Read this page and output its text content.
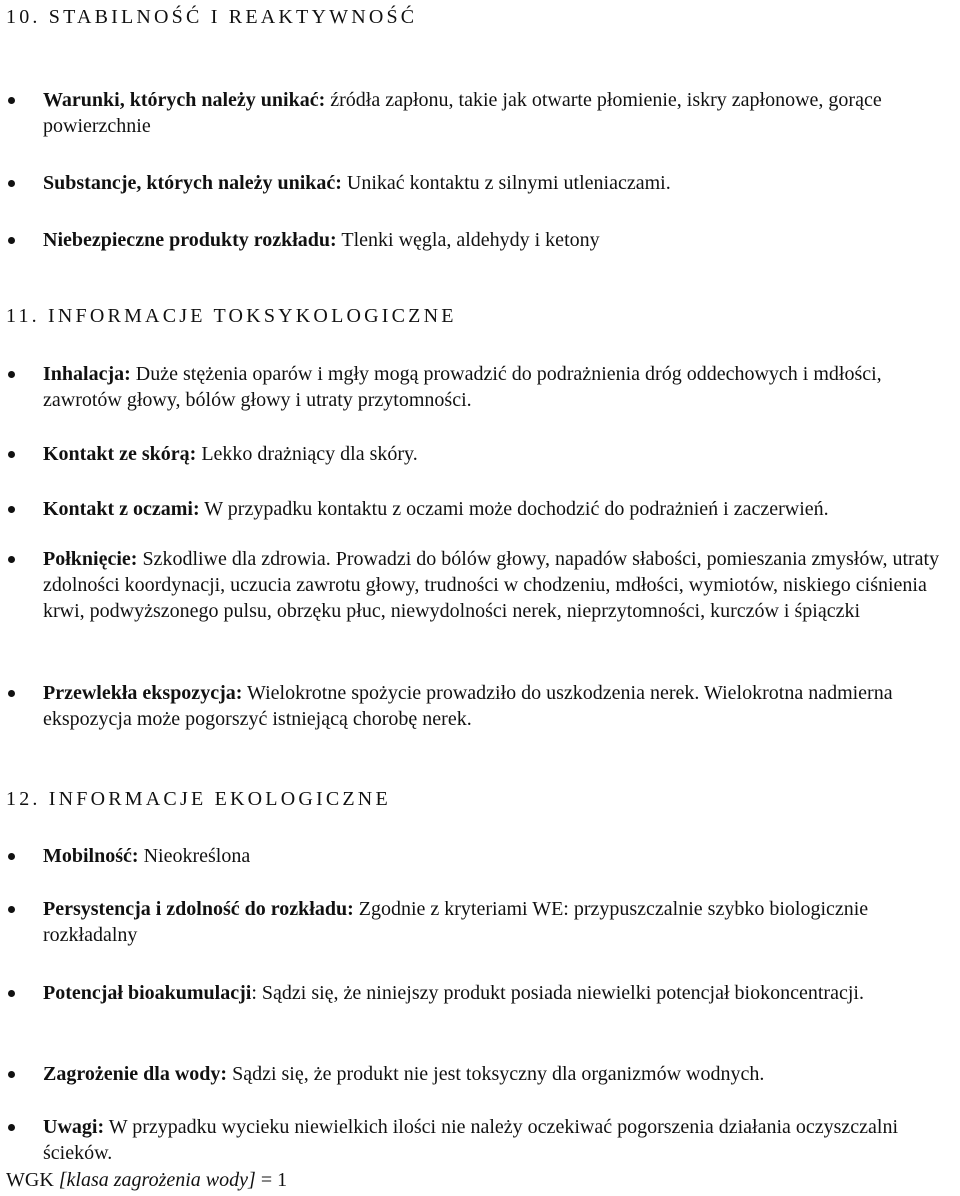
10. STABILNOŚĆ I REAKTYWNOŚĆ
Warunki, których należy unikać: źródła zapłonu, takie jak otwarte płomienie, iskry zapłonowe, gorące powierzchnie
Substancje, których należy unikać: Unikać kontaktu z silnymi utleniaczami.
Niebezpieczne produkty rozkładu: Tlenki węgla, aldehydy i ketony
11. INFORMACJE TOKSYKOLOGICZNE
Inhalacja: Duże stężenia oparów i mgły mogą prowadzić do podrażnienia dróg oddechowych i mdłości, zawrotów głowy, bólów głowy i utraty przytomności.
Kontakt ze skórą: Lekko drażniący dla skóry.
Kontakt z oczami: W przypadku kontaktu z oczami może dochodzić do podrażnień i zaczerwień.
Połknięcie: Szkodliwe dla zdrowia. Prowadzi do bólów głowy, napadów słabości, pomieszania zmysłów, utraty zdolności koordynacji, uczucia zawrotu głowy, trudności w chodzeniu, mdłości, wymiotów, niskiego ciśnienia krwi, podwyższonego pulsu, obrzęku płuc, niewydolności nerek, nieprzytomności, kurczów i śpiączki
Przewlekła ekspozycja: Wielokrotne spożycie prowadziło do uszkodzenia nerek. Wielokrotna nadmierna ekspozycja może pogorszyć istniejącą chorobę nerek.
12. INFORMACJE EKOLOGICZNE
Mobilność: Nieokreślona
Persystencja i zdolność do rozkładu: Zgodnie z kryteriami WE: przypuszczalnie szybko biologicznie rozkładalny
Potencjał bioakumulacji: Sądzi się, że niniejszy produkt posiada niewielki potencjał biokoncentracji.
Zagrożenie dla wody: Sądzi się, że produkt nie jest toksyczny dla organizmów wodnych.
Uwagi: W przypadku wycieku niewielkich ilości nie należy oczekiwać pogorszenia działania oczyszczalni ścieków.
WGK [klasa zagrożenia wody] = 1
